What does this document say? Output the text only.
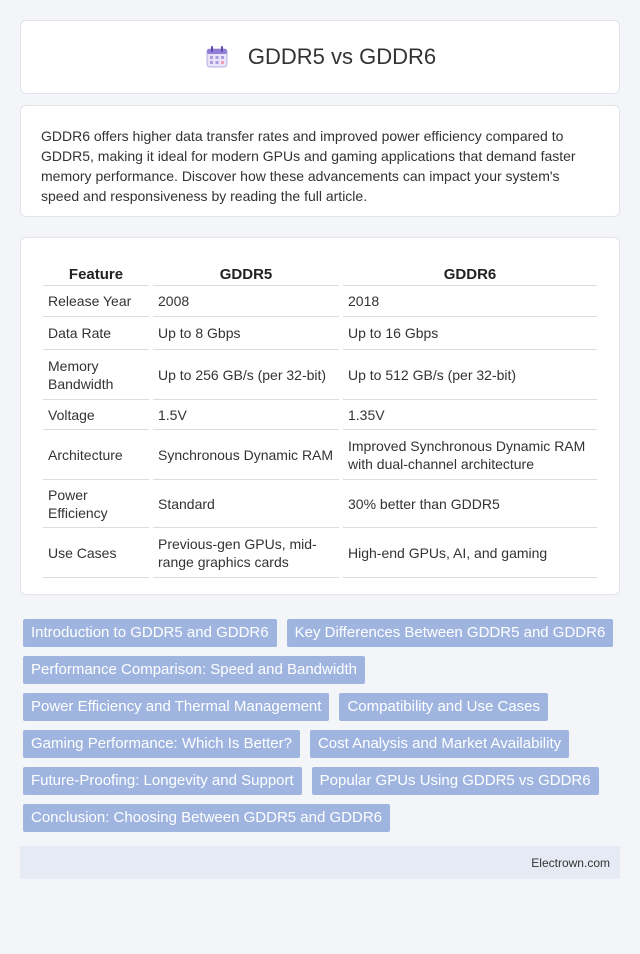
GDDR5 vs GDDR6

GDDR6 offers higher data transfer rates and improved power efficiency compared to GDDR5, making it ideal for modern GPUs and gaming applications that demand faster memory performance. Discover how these advancements can impact your system's speed and responsiveness by reading the full article.

Feature	GDDR5	GDDR6
Release Year	2008	2018
Data Rate	Up to 8 Gbps	Up to 16 Gbps
Memory Bandwidth	Up to 256 GB/s (per 32-bit)	Up to 512 GB/s (per 32-bit)
Voltage	1.5V	1.35V
Architecture	Synchronous Dynamic RAM	Improved Synchronous Dynamic RAM with dual-channel architecture
Power Efficiency	Standard	30% better than GDDR5
Use Cases	Previous-gen GPUs, mid-range graphics cards	High-end GPUs, AI, and gaming
Introduction to GDDR5 and GDDR6	Key Differences Between GDDR5 and GDDR6
Performance Comparison: Speed and Bandwidth
Power Efficiency and Thermal Management	Compatibility and Use Cases
Gaming Performance: Which Is Better?	Cost Analysis and Market Availability
Future-Proofing: Longevity and Support	Popular GPUs Using GDDR5 vs GDDR6
Conclusion: Choosing Between GDDR5 and GDDR6
Electrown.com
